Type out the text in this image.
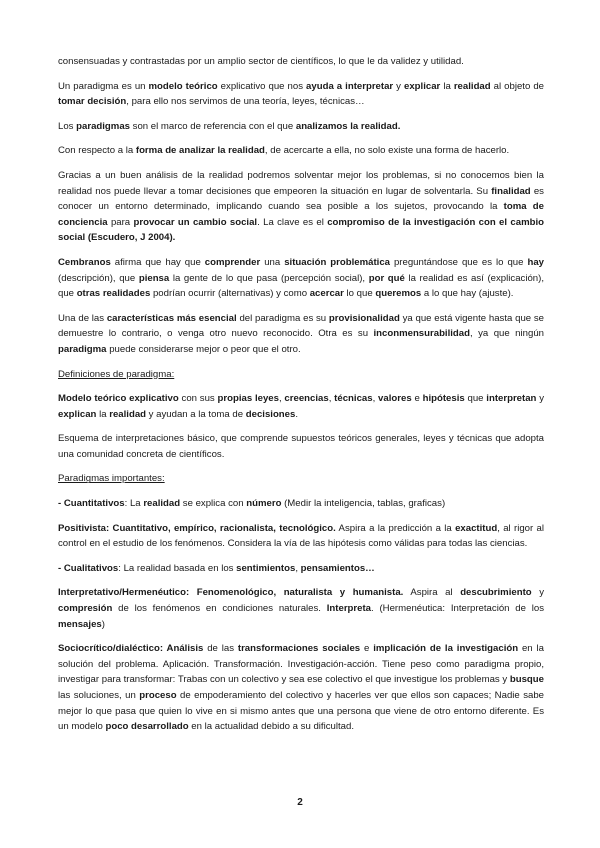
consensuadas y contrastadas por un amplio sector de científicos, lo que le da validez y utilidad.

Un paradigma es un modelo teórico explicativo que nos ayuda a interpretar y explicar la realidad al objeto de tomar decisión, para ello nos servimos de una teoría, leyes, técnicas…

Los paradigmas son el marco de referencia con el que analizamos la realidad.

Con respecto a la forma de analizar la realidad, de acercarte a ella, no solo existe una forma de hacerlo.

Gracias a un buen análisis de la realidad podremos solventar mejor los problemas, si no conocemos bien la realidad nos puede llevar a tomar decisiones que empeoren la situación en lugar de solventarla. Su finalidad es conocer un entorno determinado, implicando cuando sea posible a los sujetos, provocando la toma de conciencia para provocar un cambio social. La clave es el compromiso de la investigación con el cambio social (Escudero, J 2004).

Cembranos afirma que hay que comprender una situación problemática preguntándose que es lo que hay (descripción), que piensa la gente de lo que pasa (percepción social), por qué la realidad es así (explicación), que otras realidades podrían ocurrir (alternativas) y como acercar lo que queremos a lo que hay (ajuste).

Una de las características más esencial del paradigma es su provisionalidad ya que está vigente hasta que se demuestre lo contrario, o venga otro nuevo reconocido. Otra es su inconmensurabilidad, ya que ningún paradigma puede considerarse mejor o peor que el otro.

Definiciones de paradigma:

Modelo teórico explicativo con sus propias leyes, creencias, técnicas, valores e hipótesis que interpretan y explican la realidad y ayudan a la toma de decisiones.

Esquema de interpretaciones básico, que comprende supuestos teóricos generales, leyes y técnicas que adopta una comunidad concreta de científicos.

Paradigmas importantes:

- Cuantitativos: La realidad se explica con número (Medir la inteligencia, tablas, graficas)

Positivista: Cuantitativo, empírico, racionalista, tecnológico. Aspira a la predicción a la exactitud, al rigor al control en el estudio de los fenómenos. Considera la vía de las hipótesis como válidas para todas las ciencias.

- Cualitativos: La realidad basada en los sentimientos, pensamientos…

Interpretativo/Hermenéutico: Fenomenológico, naturalista y humanista. Aspira al descubrimiento y compresión de los fenómenos en condiciones naturales. Interpreta. (Hermenéutica: Interpretación de los mensajes)

Sociocrítico/dialéctico: Análisis de las transformaciones sociales e implicación de la investigación en la solución del problema. Aplicación. Transformación. Investigación-acción. Tiene peso como paradigma propio, investigar para transformar: Trabas con un colectivo y sea ese colectivo el que investigue los problemas y busque las soluciones, un proceso de empoderamiento del colectivo y hacerles ver que ellos son capaces; Nadie sabe mejor lo que pasa que quien lo vive en si mismo antes que una persona que viene de otro entorno diferente. Es un modelo poco desarrollado en la actualidad debido a su dificultad.

2
